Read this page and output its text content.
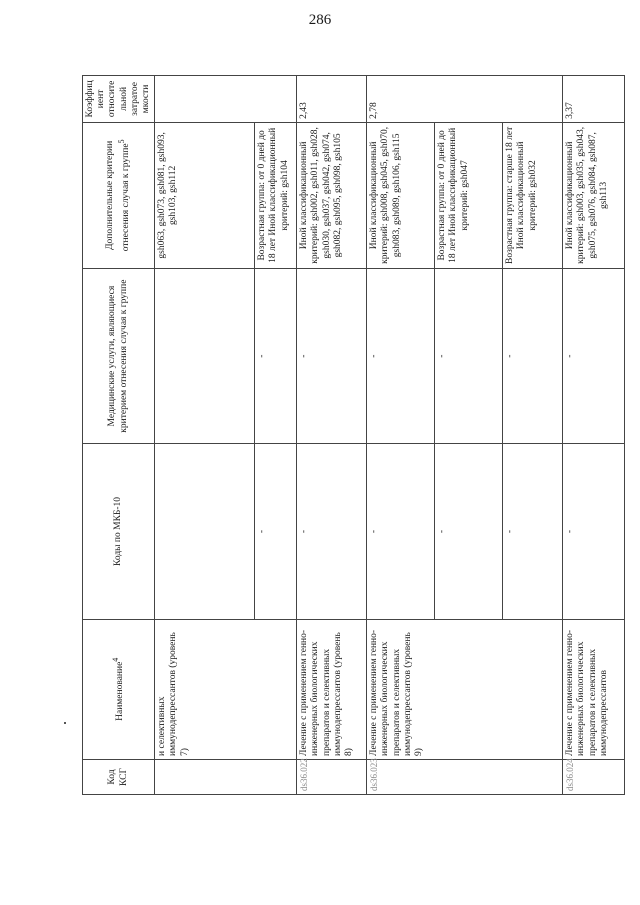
286
Код КСГ	Наименование$^4$	Коды по МКБ-10	Медицинские услуги, являющиеся критерием отнесения случая к группе	Дополнительные критерии отнесения случая к группе$^5$	Коэффициент относительной затратоемкости
	и селективных иммунодепрессантов (уровень 7)			gsh063, gsh073, gsh081, gsh093, gsh103, gsh112	
		-	-	Возрастная группа: от 0 дней до 18 лет Иной классификационный критерий: gsh104	
ds36.022	Лечение с применением генно-инженерных биологических препаратов и селективных иммунодепрессантов (уровень 8)	-	-	Иной классификационный критерий: gsh002, gsh011, gsh028, gsh030, gsh037, gsh042, gsh074, gsh082, gsh095, gsh098, gsh105	2,43
ds36.023	Лечение с применением генно-инженерных биологических препаратов и селективных иммунодепрессантов (уровень 9)	-	-	Иной классификационный критерий: gsh008, gsh045, gsh070, gsh083, gsh089, gsh106, gsh115	2,78
		-	-	Возрастная группа: от 0 дней до 18 лет Иной классификационный критерий: gsh047	
		-	-	Возрастная группа: старше 18 лет Иной классификационный критерий: gsh032	
ds36.024	Лечение с применением генно-инженерных биологических препаратов и селективных иммунодепрессантов	-	-	Иной классификационный критерий: gsh003, gsh035, gsh043, gsh075, gsh076, gsh084, gsh087, gsh113	3,37
